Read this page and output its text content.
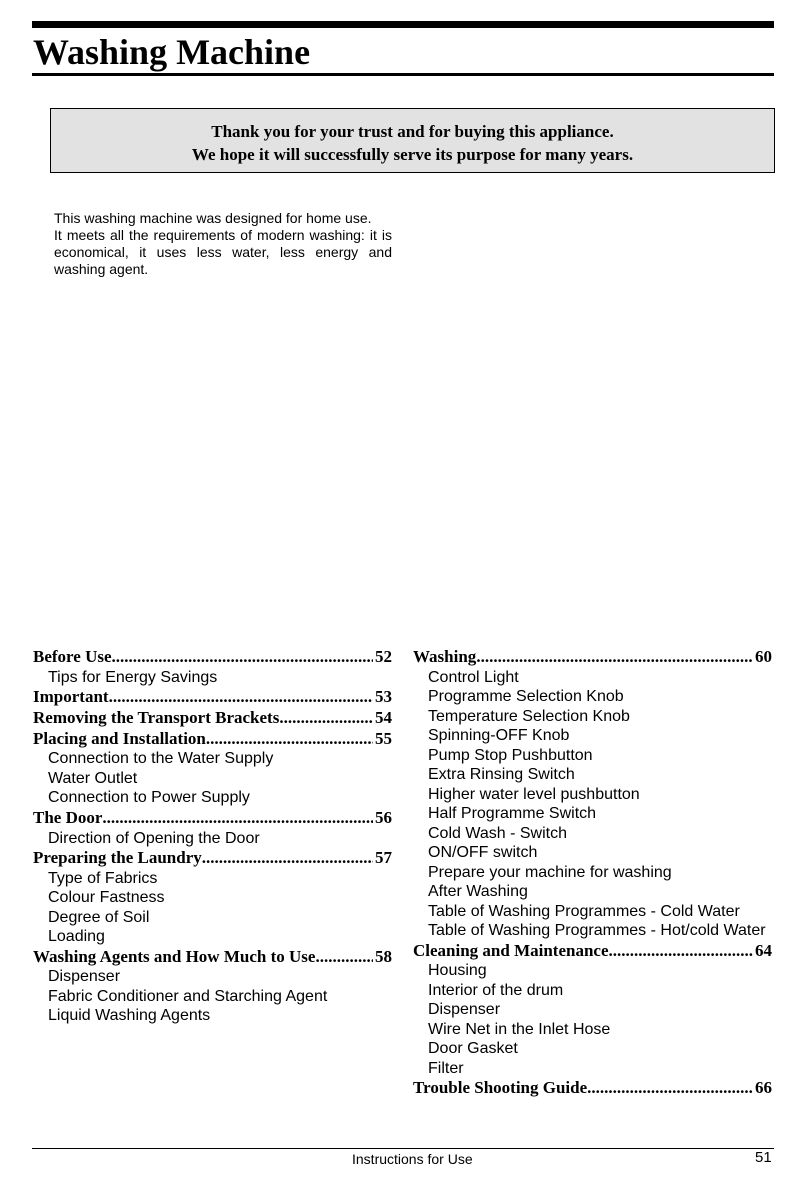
Washing Machine
Thank you for your trust and for buying this appliance.
We hope it will successfully serve its purpose for many years.

This washing machine was designed for home use.

It meets all the requirements of modern washing: it is economical, it uses less water, less energy and washing agent.

Before Use .....	52
Tips for Energy Savings
Important .....	53
Removing the Transport Brackets .....	54
Placing and Installation .....	55
Connection to the Water Supply
Water Outlet
Connection to Power Supply
The Door .....	56
Direction of Opening the Door
Preparing the Laundry .....	57
Type of Fabrics
Colour Fastness
Degree of Soil
Loading
Washing Agents and How Much to Use .....	58
Dispenser
Fabric Conditioner and Starching Agent
Liquid Washing Agents
Washing .....	60
Control Light
Programme Selection Knob
Temperature Selection Knob
Spinning-OFF Knob
Pump Stop Pushbutton
Extra Rinsing Switch
Higher water level pushbutton
Half Programme Switch
Cold Wash - Switch
ON/OFF switch
Prepare your machine for washing
After Washing
Table of Washing Programmes - Cold Water
Table of Washing Programmes - Hot/cold Water
Cleaning and Maintenance .....	64
Housing
Interior of the drum
Dispenser
Wire Net in the Inlet Hose
Door Gasket
Filter
Trouble Shooting Guide .....	66
Instructions for Use	51
